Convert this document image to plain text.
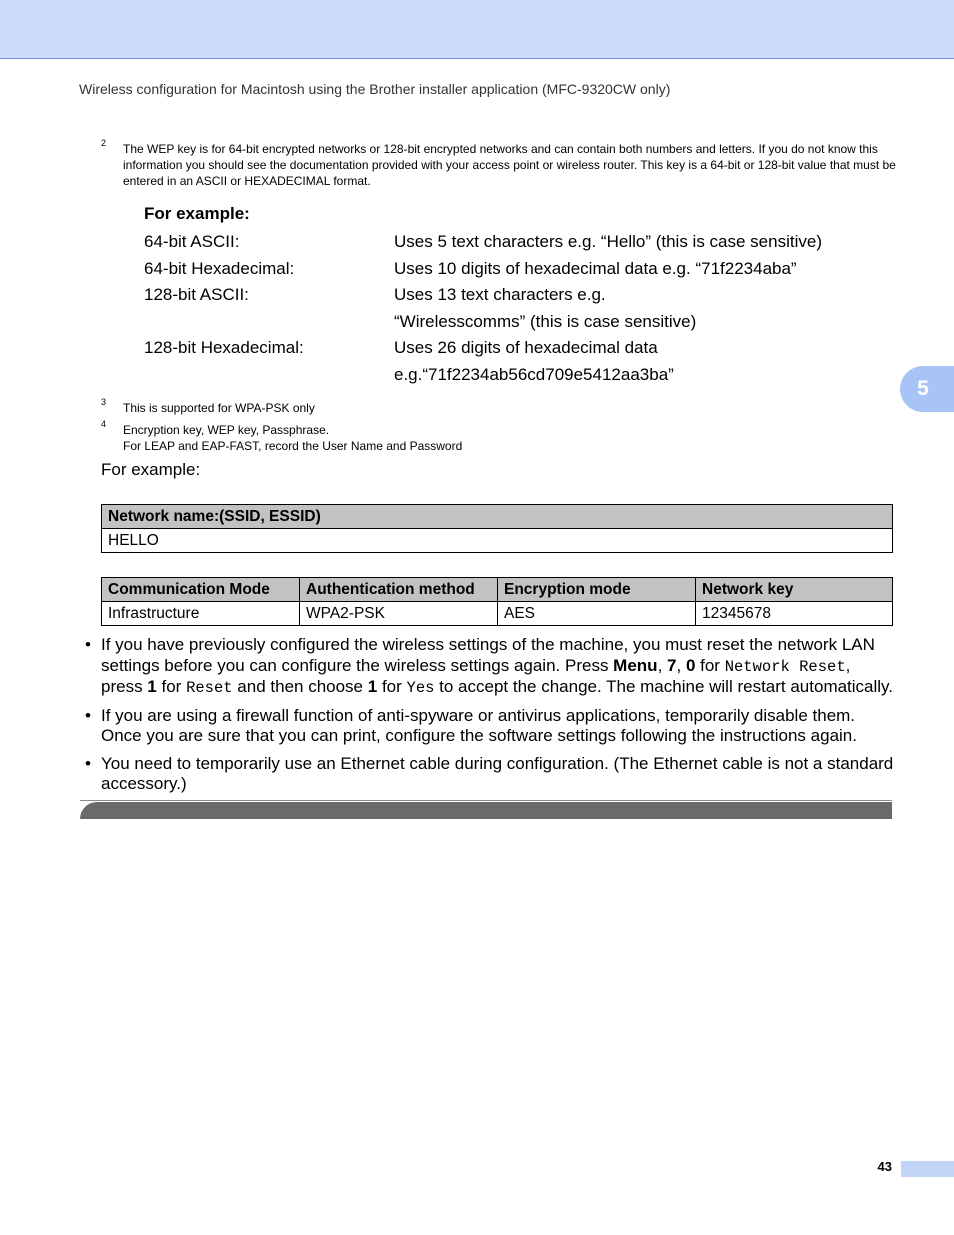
Wireless configuration for Macintosh using the Brother installer application (MFC-9320CW only)
5
2 The WEP key is for 64-bit encrypted networks or 128-bit encrypted networks and can contain both numbers and letters. If you do not know this information you should see the documentation provided with your access point or wireless router. This key is a 64-bit or 128-bit value that must be entered in an ASCII or HEXADECIMAL format.
For example:
64-bit ASCII:	Uses 5 text characters e.g. “Hello” (this is case sensitive)
64-bit Hexadecimal:	Uses 10 digits of hexadecimal data e.g. “71f2234aba”
128-bit ASCII:	Uses 13 text characters e.g.
“Wirelesscomms” (this is case sensitive)
128-bit Hexadecimal:	Uses 26 digits of hexadecimal data
e.g.“71f2234ab56cd709e5412aa3ba”
3 This is supported for WPA-PSK only
4 Encryption key, WEP key, Passphrase.
For LEAP and EAP-FAST, record the User Name and Password
For example:
Network name:(SSID, ESSID)
HELLO
Communication Mode	Authentication method	Encryption mode	Network key
Infrastructure	WPA2-PSK	AES	12345678
• If you have previously configured the wireless settings of the machine, you must reset the network LAN settings before you can configure the wireless settings again. Press Menu, 7, 0 for Network Reset, press 1 for Reset and then choose 1 for Yes to accept the change. The machine will restart automatically.
• If you are using a firewall function of anti-spyware or antivirus applications, temporarily disable them. Once you are sure that you can print, configure the software settings following the instructions again.
• You need to temporarily use an Ethernet cable during configuration. (The Ethernet cable is not a standard accessory.)
43
